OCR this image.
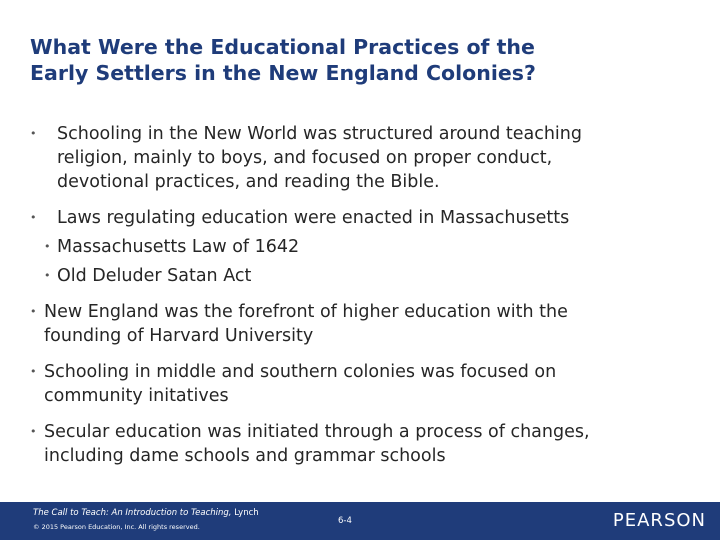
What Were the Educational Practices of the
Early Settlers in the New England Colonies?
• Schooling in the New World was structured around teaching
religion, mainly to boys, and focused on proper conduct,
devotional practices, and reading the Bible.
• Laws regulating education were enacted in Massachusetts
• Massachusetts Law of 1642
• Old Deluder Satan Act
• New England was the forefront of higher education with the
founding of Harvard University
• Schooling in middle and southern colonies was focused on
community initatives
• Secular education was initiated through a process of changes,
including dame schools and grammar schools
The Call to Teach: An Introduction to Teaching, Lynch
© 2015 Pearson Education, Inc. All rights reserved.
6-4	PEARSON
